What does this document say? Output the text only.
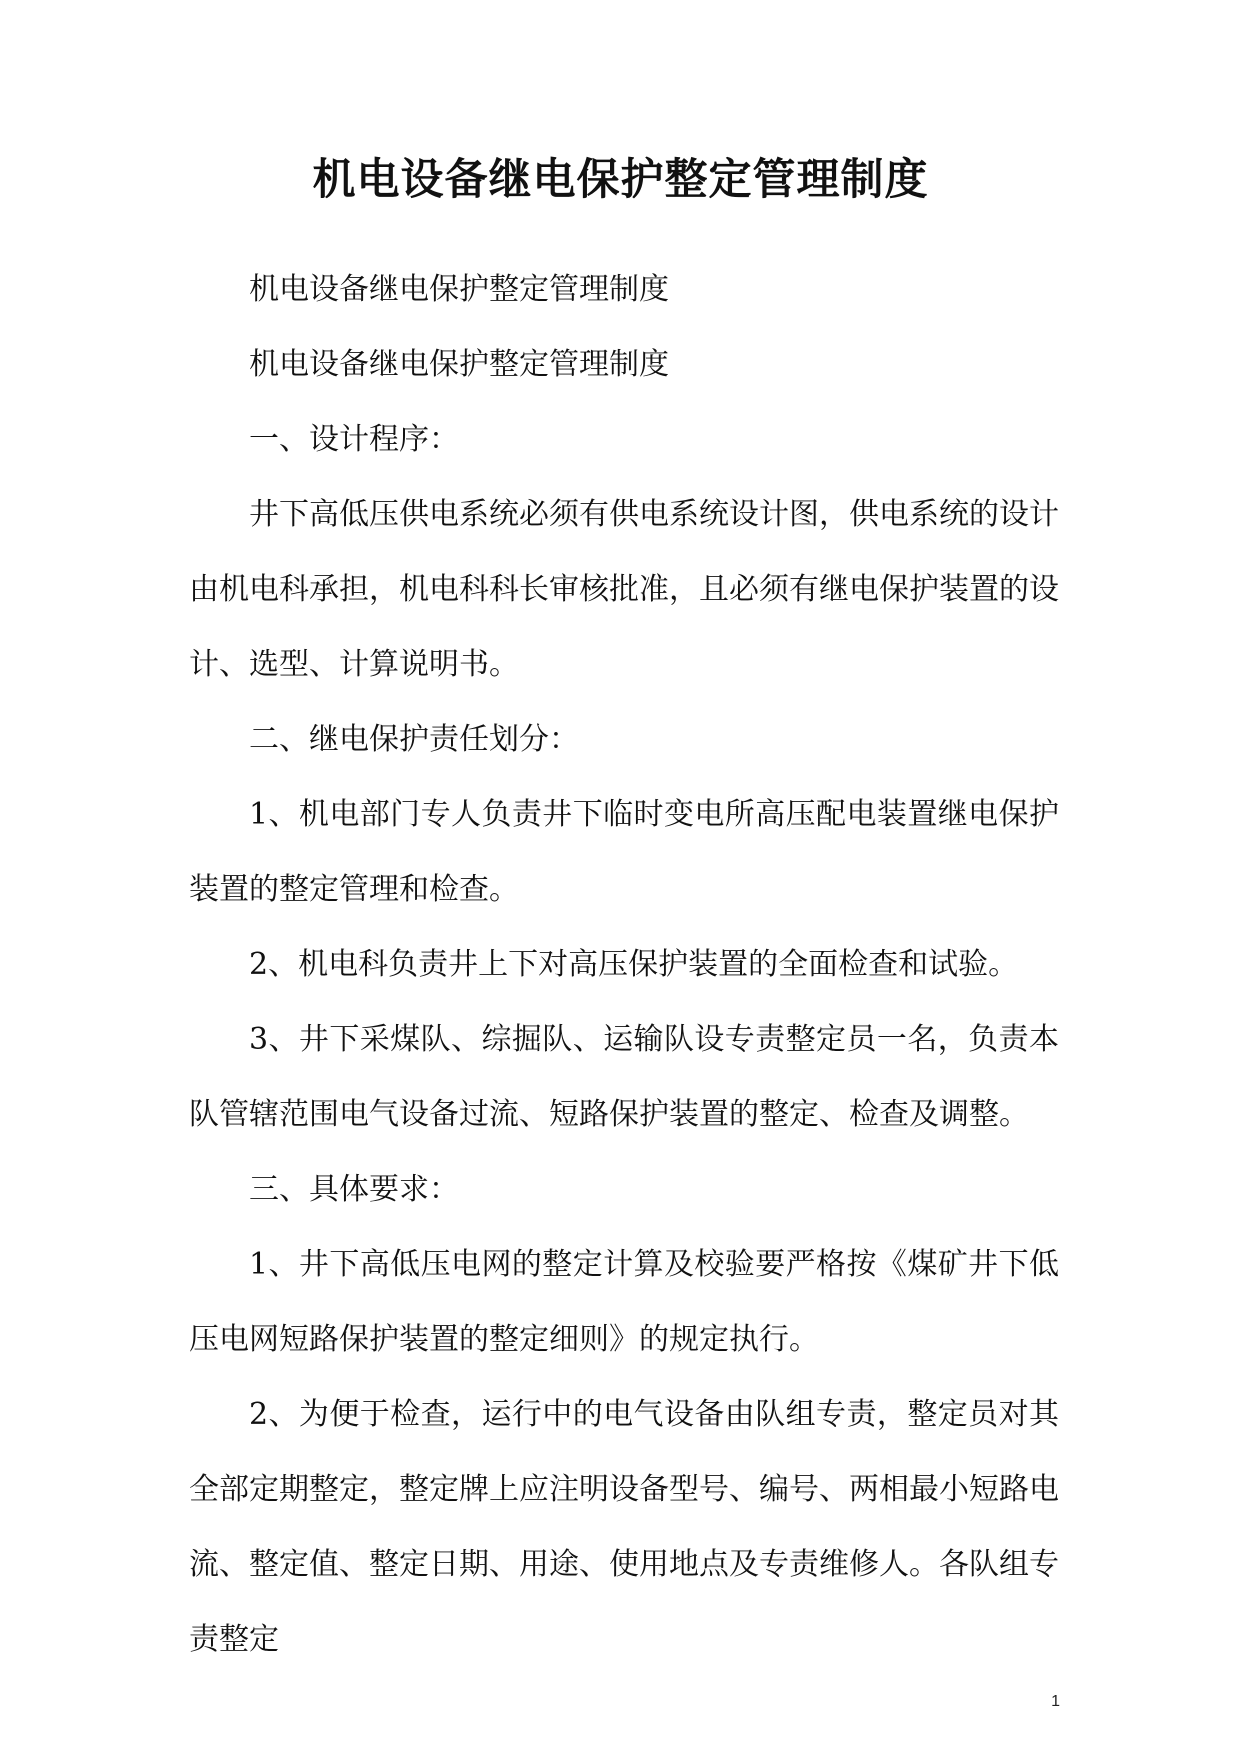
机电设备继电保护整定管理制度

机电设备继电保护整定管理制度

机电设备继电保护整定管理制度

一、设计程序：

井下高低压供电系统必须有供电系统设计图，供电系统的设计由机电科承担，机电科科长审核批准，且必须有继电保护装置的设计、选型、计算说明书。

二、继电保护责任划分：

1、机电部门专人负责井下临时变电所高压配电装置继电保护装置的整定管理和检查。

2、机电科负责井上下对高压保护装置的全面检查和试验。

3、井下采煤队、综掘队、运输队设专责整定员一名，负责本队管辖范围电气设备过流、短路保护装置的整定、检查及调整。

三、具体要求：

1、井下高低压电网的整定计算及校验要严格按《煤矿井下低压电网短路保护装置的整定细则》的规定执行。

2、为便于检查，运行中的电气设备由队组专责，整定员对其全部定期整定，整定牌上应注明设备型号、编号、两相最小短路电流、整定值、整定日期、用途、使用地点及专责维修人。各队组专责整定

1
